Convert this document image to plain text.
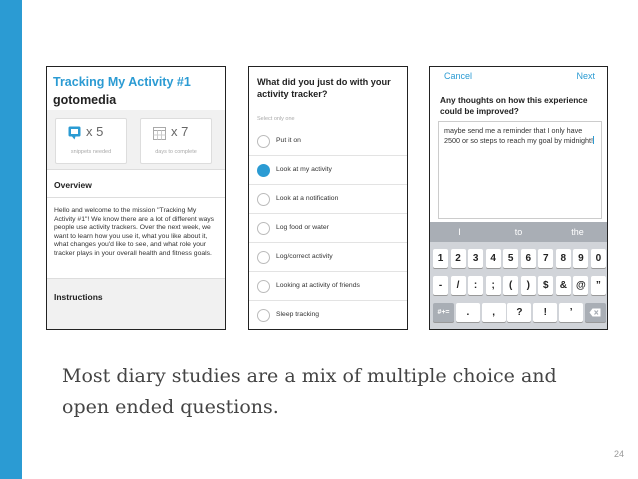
Tracking My Activity #1
gotomedia
x 5
snippets needed
x 7
days to complete
Overview
Hello and welcome to the mission "Tracking My Activity #1"! We know there are a lot of different ways people use activity trackers. Over the next week, we want to learn how you use it, what you like about it, what changes you'd like to see, and what role your tracker plays in your overall health and fitness goals.
Instructions
What did you just do with your activity tracker?
Select only one
Put it on
Look at my activity
Look at a notification
Log food or water
Log/correct activity
Looking at activity of friends
Sleep tracking
Cancel	Next
Any thoughts on how this experience could be improved?
maybe send me a reminder that I only have 2500 or so steps to reach my goal by midnight!
I	to	the
1	2	3	4	5	6	7	8	9	0
-	/	:	;	(	)	$	& @	”
#+=	.	,	?	!	’
Most diary studies are a mix of multiple choice and open ended questions.
24
